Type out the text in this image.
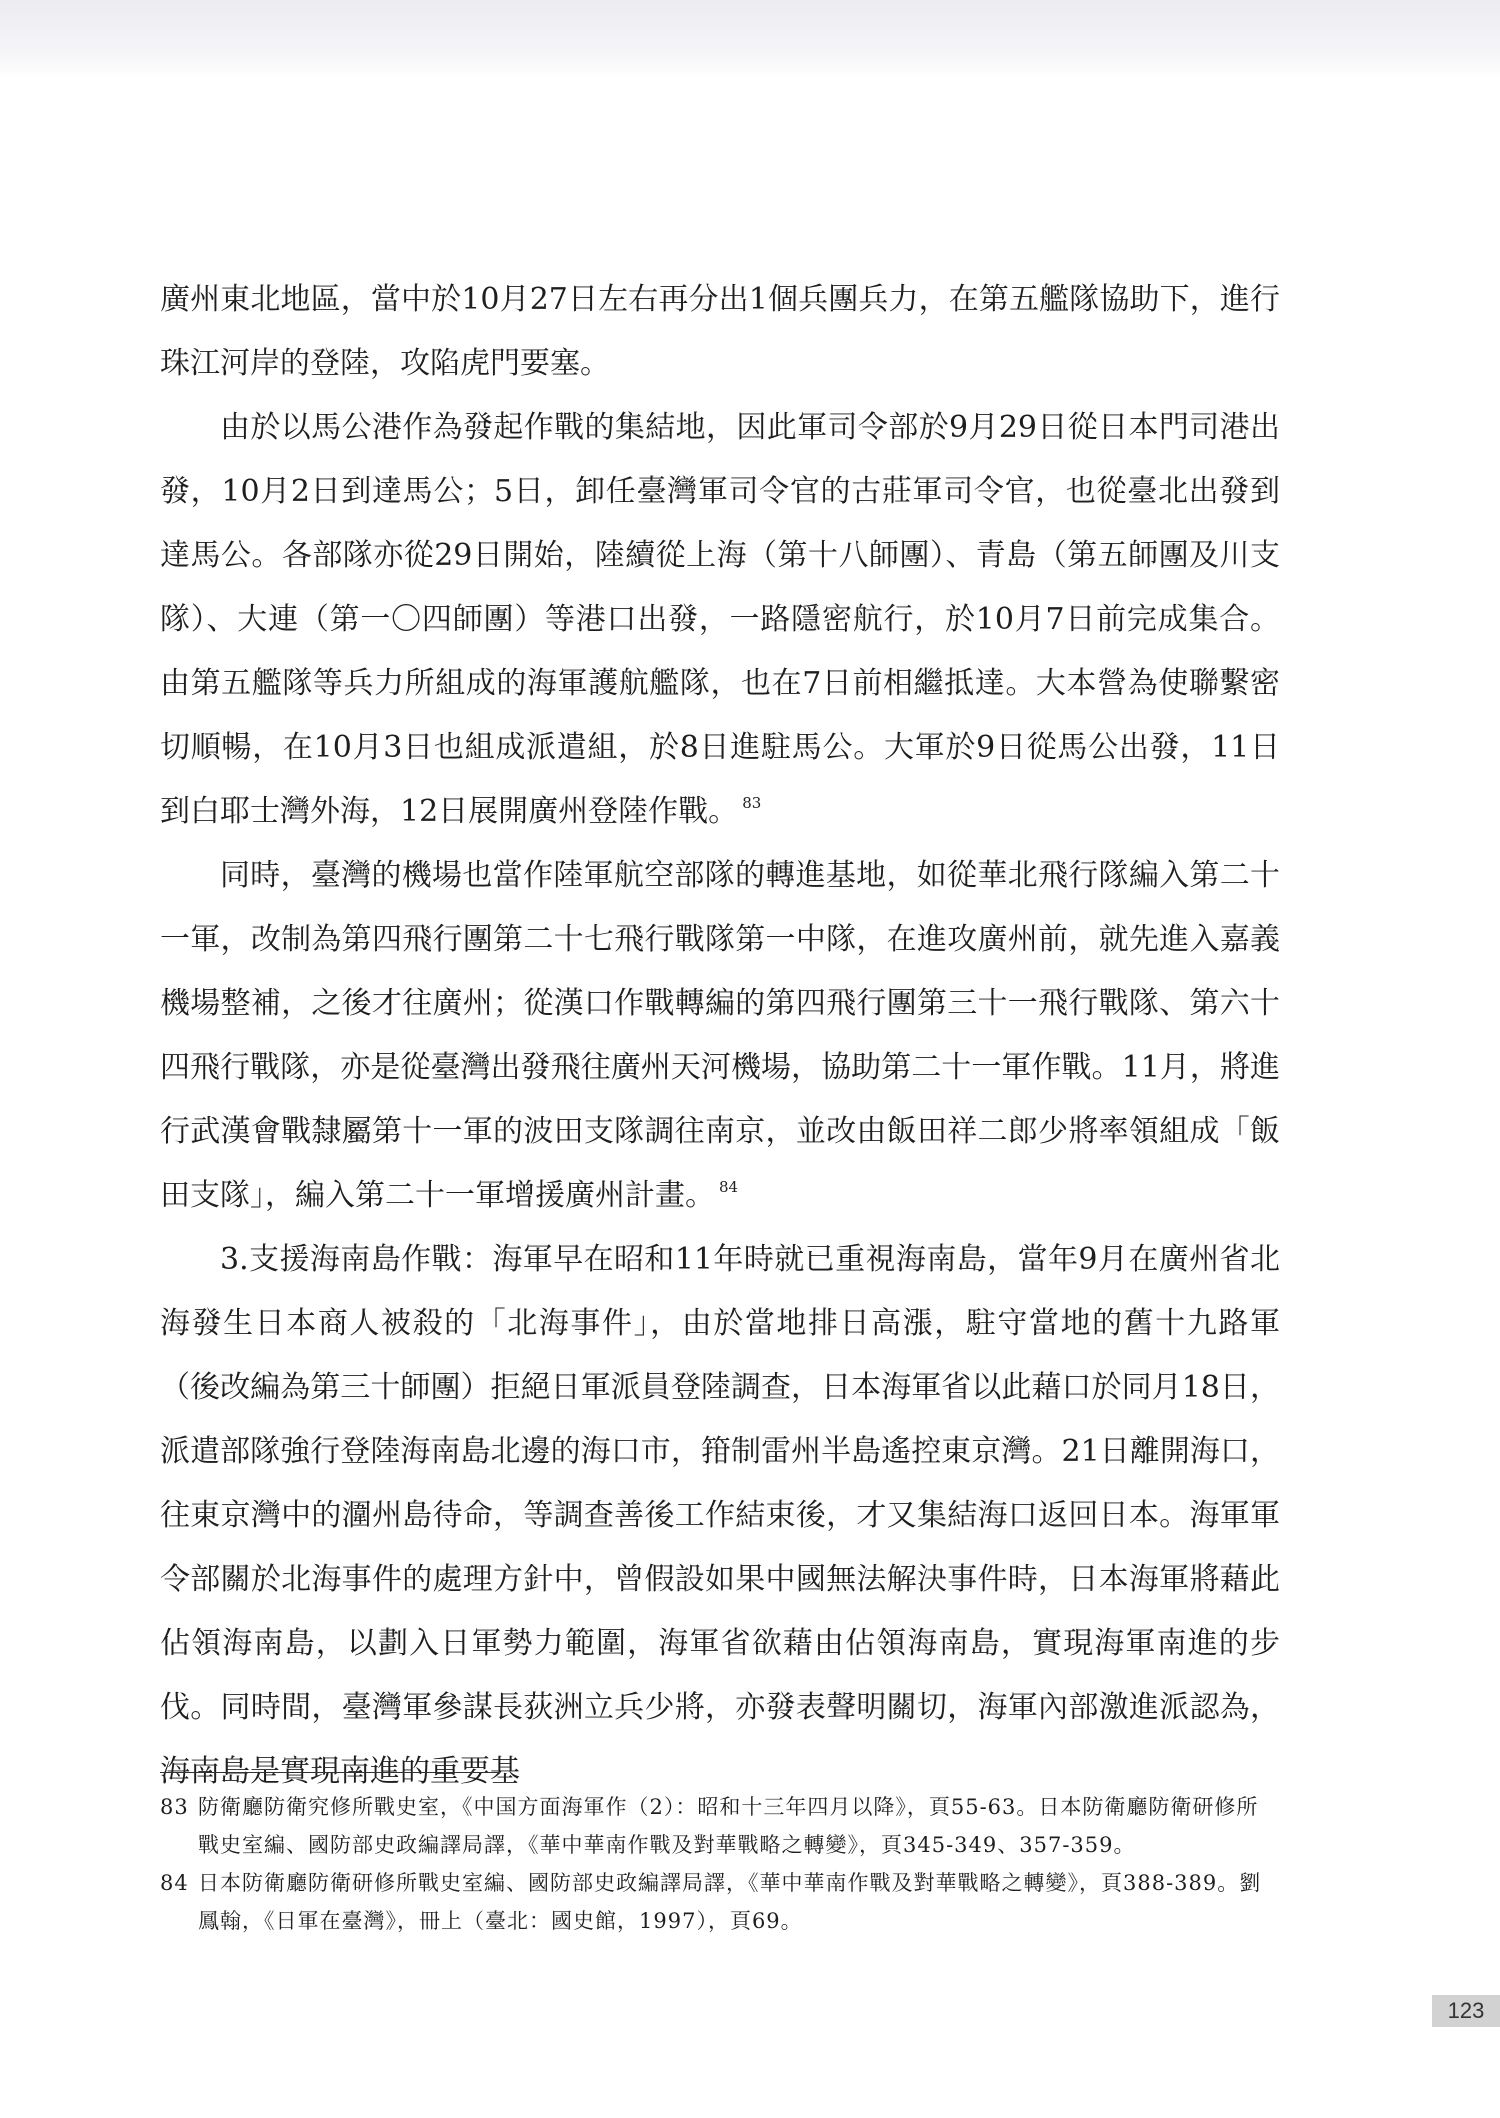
廣州東北地區，當中於10月27日左右再分出1個兵團兵力，在第五艦隊協助下，進行珠江河岸的登陸，攻陷虎門要塞。

由於以馬公港作為發起作戰的集結地，因此軍司令部於9月29日從日本門司港出發，10月2日到達馬公；5日，卸任臺灣軍司令官的古莊軍司令官，也從臺北出發到達馬公。各部隊亦從29日開始，陸續從上海（第十八師團）、青島（第五師團及川支隊）、大連（第一〇四師團）等港口出發，一路隱密航行，於10月7日前完成集合。由第五艦隊等兵力所組成的海軍護航艦隊，也在7日前相繼抵達。大本營為使聯繫密切順暢，在10月3日也組成派遣組，於8日進駐馬公。大軍於9日從馬公出發，11日到白耶士灣外海，12日展開廣州登陸作戰。 $^{83}$

同時，臺灣的機場也當作陸軍航空部隊的轉進基地，如從華北飛行隊編入第二十一軍，改制為第四飛行團第二十七飛行戰隊第一中隊，在進攻廣州前，就先進入嘉義機場整補，之後才往廣州；從漢口作戰轉編的第四飛行團第三十一飛行戰隊、第六十四飛行戰隊，亦是從臺灣出發飛往廣州天河機場，協助第二十一軍作戰。11月，將進行武漢會戰隸屬第十一軍的波田支隊調往南京，並改由飯田祥二郎少將率領組成「飯田支隊」，編入第二十一軍增援廣州計畫。 $^{84}$

3.支援海南島作戰：海軍早在昭和11年時就已重視海南島，當年9月在廣州省北海發生日本商人被殺的「北海事件」，由於當地排日高漲，駐守當地的舊十九路軍（後改編為第三十師團）拒絕日軍派員登陸調查，日本海軍省以此藉口於同月18日，派遣部隊強行登陸海南島北邊的海口市，箝制雷州半島遙控東京灣。21日離開海口，往東京灣中的潿州島待命，等調查善後工作結束後，才又集結海口返回日本。海軍軍令部關於北海事件的處理方針中，曾假設如果中國無法解決事件時，日本海軍將藉此佔領海南島，以劃入日軍勢力範圍，海軍省欲藉由佔領海南島，實現海軍南進的步伐。同時間，臺灣軍參謀長荻洲立兵少將，亦發表聲明關切，海軍內部激進派認為，海南島是實現南進的重要基

83 防衛廳防衛究修所戰史室，《中国方面海軍作（2）：昭和十三年四月以降》，頁55-63。日本防衛廳防衛研修所戰史室編、國防部史政編譯局譯，《華中華南作戰及對華戰略之轉變》，頁345-349、357-359。
84 日本防衛廳防衛研修所戰史室編、國防部史政編譯局譯，《華中華南作戰及對華戰略之轉變》，頁388-389。劉鳳翰，《日軍在臺灣》，冊上（臺北：國史館，1997），頁69。
123
